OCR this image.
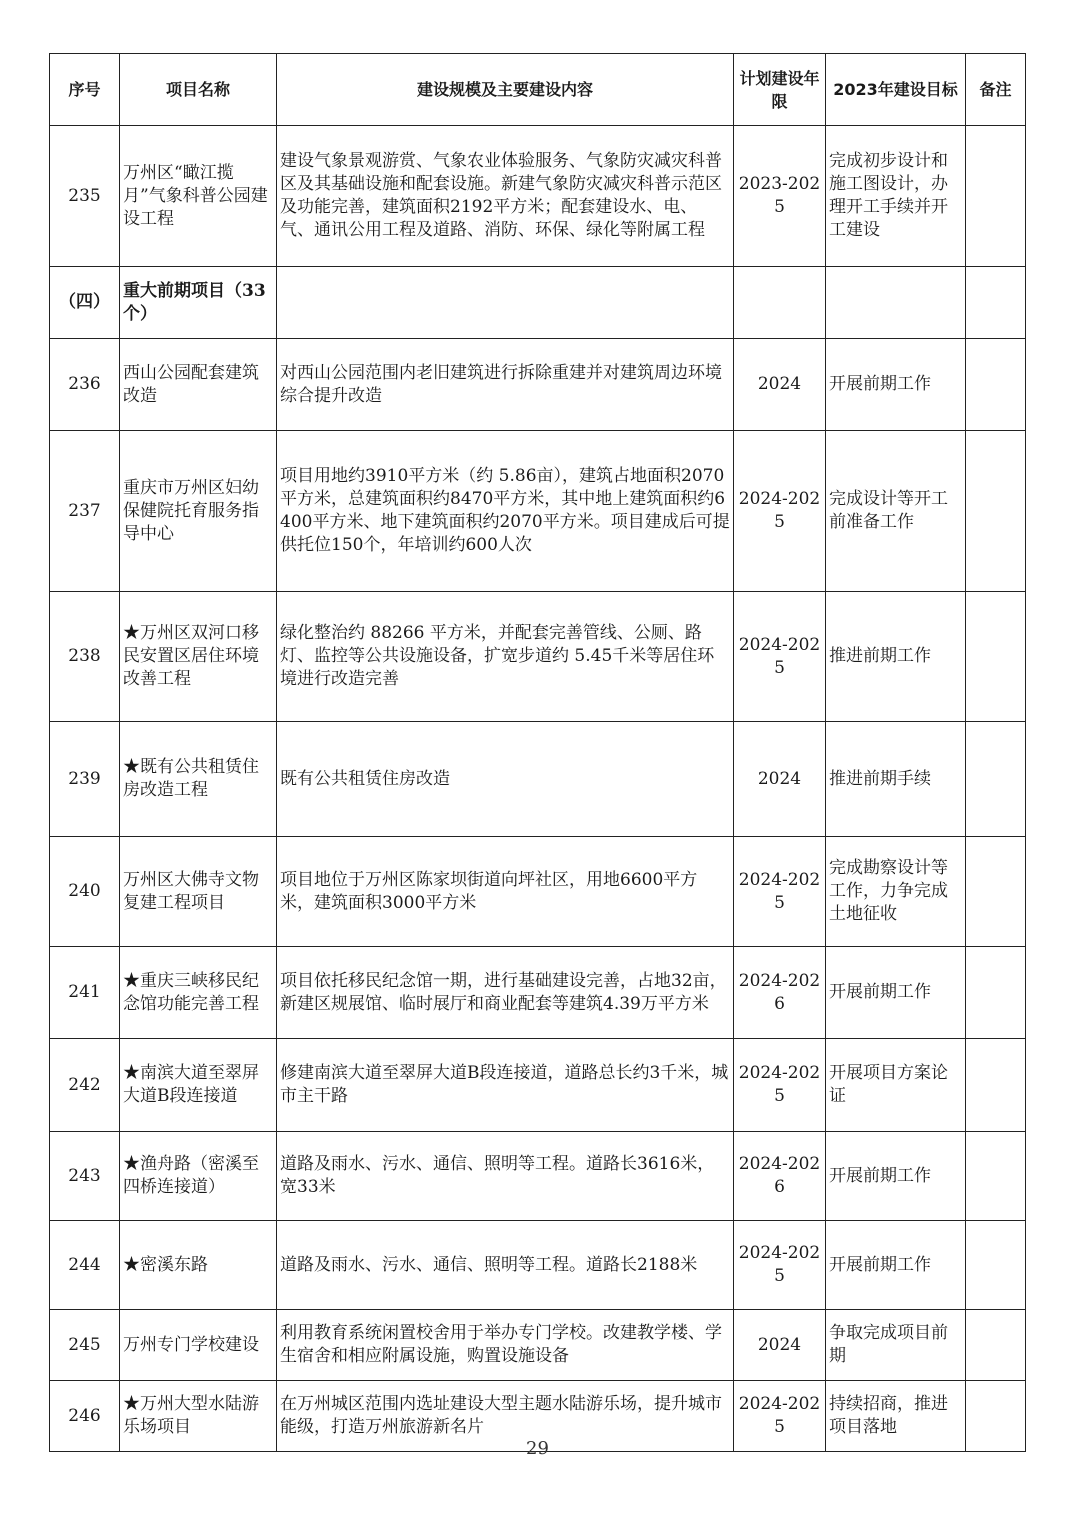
序号	项目名称	建设规模及主要建设内容	计划建设年限	2023年建设目标	备注
235	万州区“瞰江揽月”气象科普公园建设工程	建设气象景观游赏、气象农业体验服务、气象防灾减灾科普区及其基础设施和配套设施。新建气象防灾减灾科普示范区及功能完善，建筑面积2192平方米；配套建设水、电、气、通讯公用工程及道路、消防、环保、绿化等附属工程	2023-2025	完成初步设计和施工图设计，办理开工手续并开工建设	
（四）	重大前期项目（33个）				
236	西山公园配套建筑改造	对西山公园范围内老旧建筑进行拆除重建并对建筑周边环境综合提升改造	2024	开展前期工作	
237	重庆市万州区妇幼保健院托育服务指导中心	项目用地约3910平方米（约 5.86亩），建筑占地面积2070平方米，总建筑面积约8470平方米，其中地上建筑面积约6400平方米、地下建筑面积约2070平方米。项目建成后可提供托位150个，年培训约600人次	2024-2025	完成设计等开工前准备工作	
238	★万州区双河口移民安置区居住环境改善工程	绿化整治约 88266 平方米，并配套完善管线、公厕、路灯、监控等公共设施设备，扩宽步道约 5.45千米等居住环境进行改造完善	2024-2025	推进前期工作	
239	★既有公共租赁住房改造工程	既有公共租赁住房改造	2024	推进前期手续	
240	万州区大佛寺文物复建工程项目	项目地位于万州区陈家坝街道向坪社区，用地6600平方米，建筑面积3000平方米	2024-2025	完成勘察设计等工作，力争完成土地征收	
241	★重庆三峡移民纪念馆功能完善工程	项目依托移民纪念馆一期，进行基础建设完善，占地32亩，新建区规展馆、临时展厅和商业配套等建筑4.39万平方米	2024-2026	开展前期工作	
242	★南滨大道至翠屏大道B段连接道	修建南滨大道至翠屏大道B段连接道，道路总长约3千米，城市主干路	2024-2025	开展项目方案论证	
243	★渔舟路（密溪至四桥连接道）	道路及雨水、污水、通信、照明等工程。道路长3616米，宽33米	2024-2026	开展前期工作	
244	★密溪东路	道路及雨水、污水、通信、照明等工程。道路长2188米	2024-2025	开展前期工作	
245	万州专门学校建设	利用教育系统闲置校舍用于举办专门学校。改建教学楼、学生宿舍和相应附属设施，购置设施设备	2024	争取完成项目前期	
246	★万州大型水陆游乐场项目	在万州城区范围内选址建设大型主题水陆游乐场，提升城市能级，打造万州旅游新名片	2024-2025	持续招商，推进项目落地	
29
